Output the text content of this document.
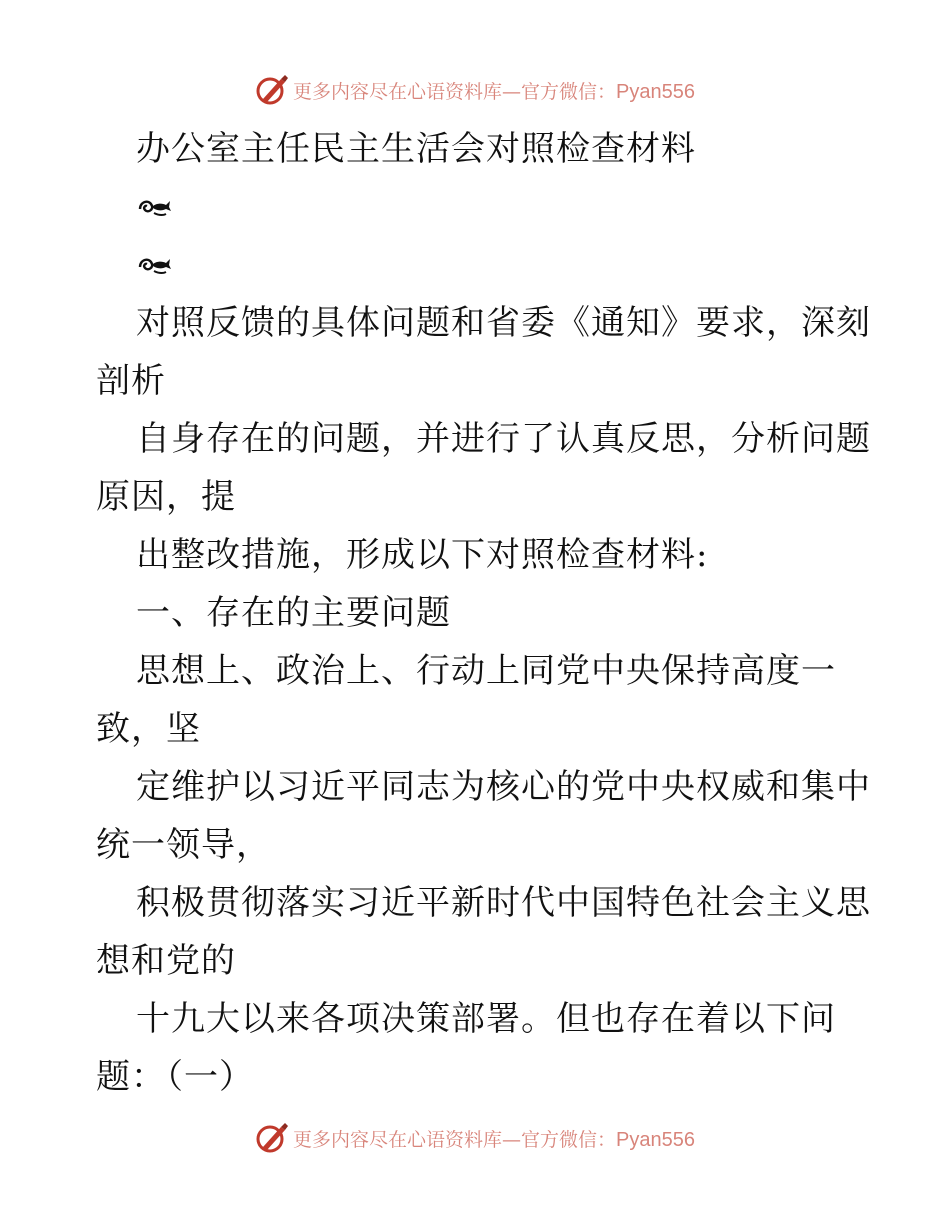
更多内容尽在心语资料库—官方微信：Pyan556
办公室主任民主生活会对照检查材料
对照反馈的具体问题和省委《通知》要求，深刻
剖析
自身存在的问题，并进行了认真反思，分析问题
原因，提
出整改措施，形成以下对照检查材料:
一、存在的主要问题
思想上、政治上、行动上同党中央保持高度一
致，坚
定维护以习近平同志为核心的党中央权威和集中
统一领导，
积极贯彻落实习近平新时代中国特色社会主义思
想和党的
十九大以来各项决策部署。但也存在着以下问
题：（一）
更多内容尽在心语资料库—官方微信：Pyan556
